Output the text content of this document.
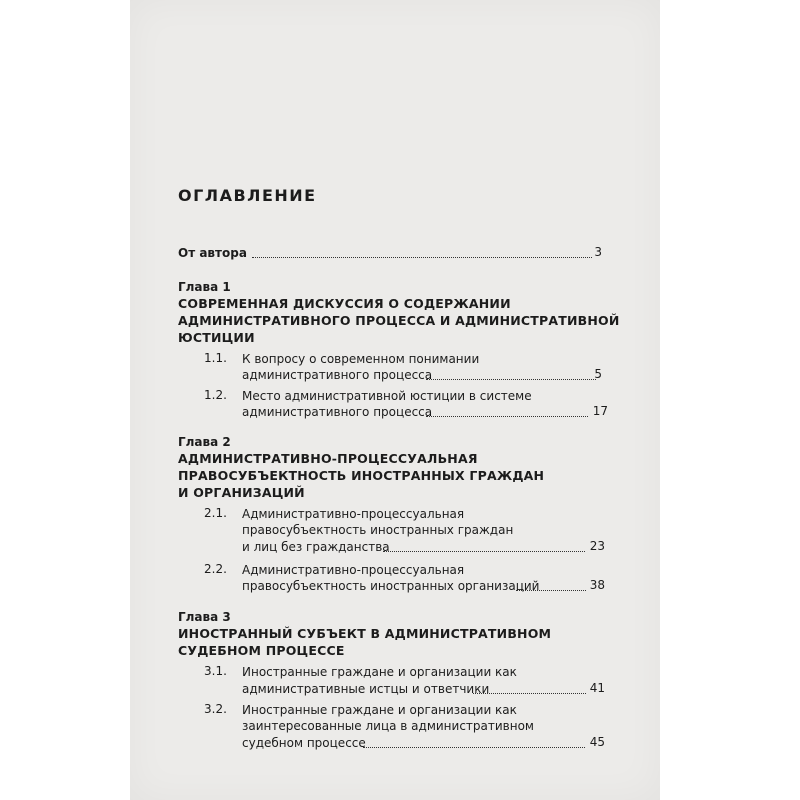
ОГЛАВЛЕНИЕ
От автора	3
Глава 1
СОВРЕМЕННАЯ ДИСКУССИЯ О СОДЕРЖАНИИ
АДМИНИСТРАТИВНОГО ПРОЦЕССА И АДМИНИСТРАТИВНОЙ
ЮСТИЦИИ
1.1. К вопросу о современном понимании
административного процесса	5
1.2. Место административной юстиции в системе
административного процесса	17
Глава 2
АДМИНИСТРАТИВНО-ПРОЦЕССУАЛЬНАЯ
ПРАВОСУБЪЕКТНОСТЬ ИНОСТРАННЫХ ГРАЖДАН
И ОРГАНИЗАЦИЙ
2.1. Административно-процессуальная
правосубъектность иностранных граждан
и лиц без гражданства	23
2.2. Административно-процессуальная
правосубъектность иностранных организаций	38
Глава 3
ИНОСТРАННЫЙ СУБЪЕКТ В АДМИНИСТРАТИВНОМ
СУДЕБНОМ ПРОЦЕССЕ
3.1. Иностранные граждане и организации как
административные истцы и ответчики	41
3.2. Иностранные граждане и организации как
заинтересованные лица в административном
судебном процессе	45
